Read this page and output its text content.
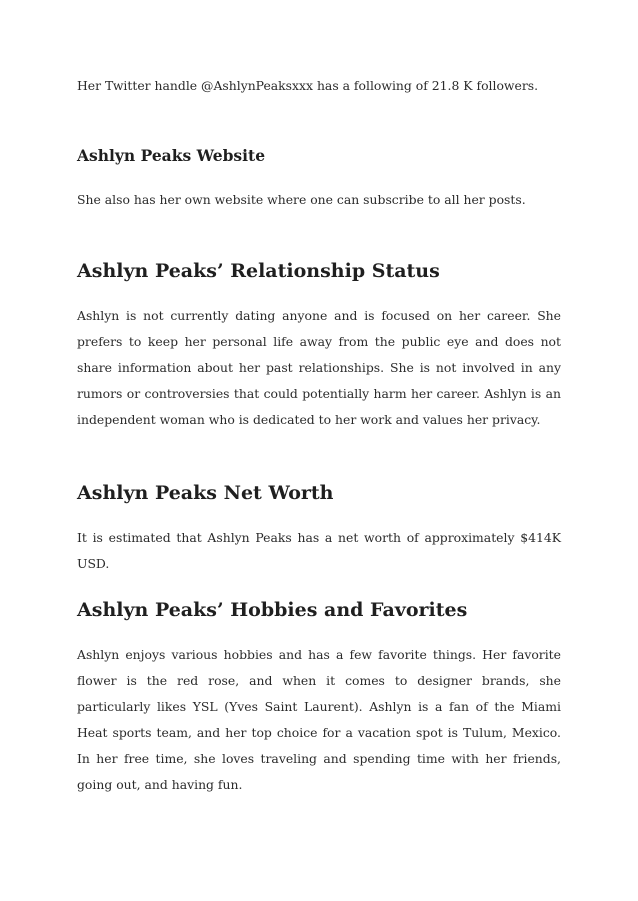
Her Twitter handle @AshlynPeaksxxx has a following of 21.8 K followers.

Ashlyn Peaks Website

She also has her own website where one can subscribe to all her posts.

Ashlyn Peaks’ Relationship Status

Ashlyn is not currently dating anyone and is focused on her career. She prefers to keep her personal life away from the public eye and does not share information about her past relationships. She is not involved in any rumors or controversies that could potentially harm her career. Ashlyn is an independent woman who is dedicated to her work and values her privacy.

Ashlyn Peaks Net Worth

It is estimated that Ashlyn Peaks has a net worth of approximately $414K USD.

Ashlyn Peaks’ Hobbies and Favorites

Ashlyn enjoys various hobbies and has a few favorite things. Her favorite flower is the red rose, and when it comes to designer brands, she particularly likes YSL (Yves Saint Laurent). Ashlyn is a fan of the Miami Heat sports team, and her top choice for a vacation spot is Tulum, Mexico. In her free time, she loves traveling and spending time with her friends, going out, and having fun.
